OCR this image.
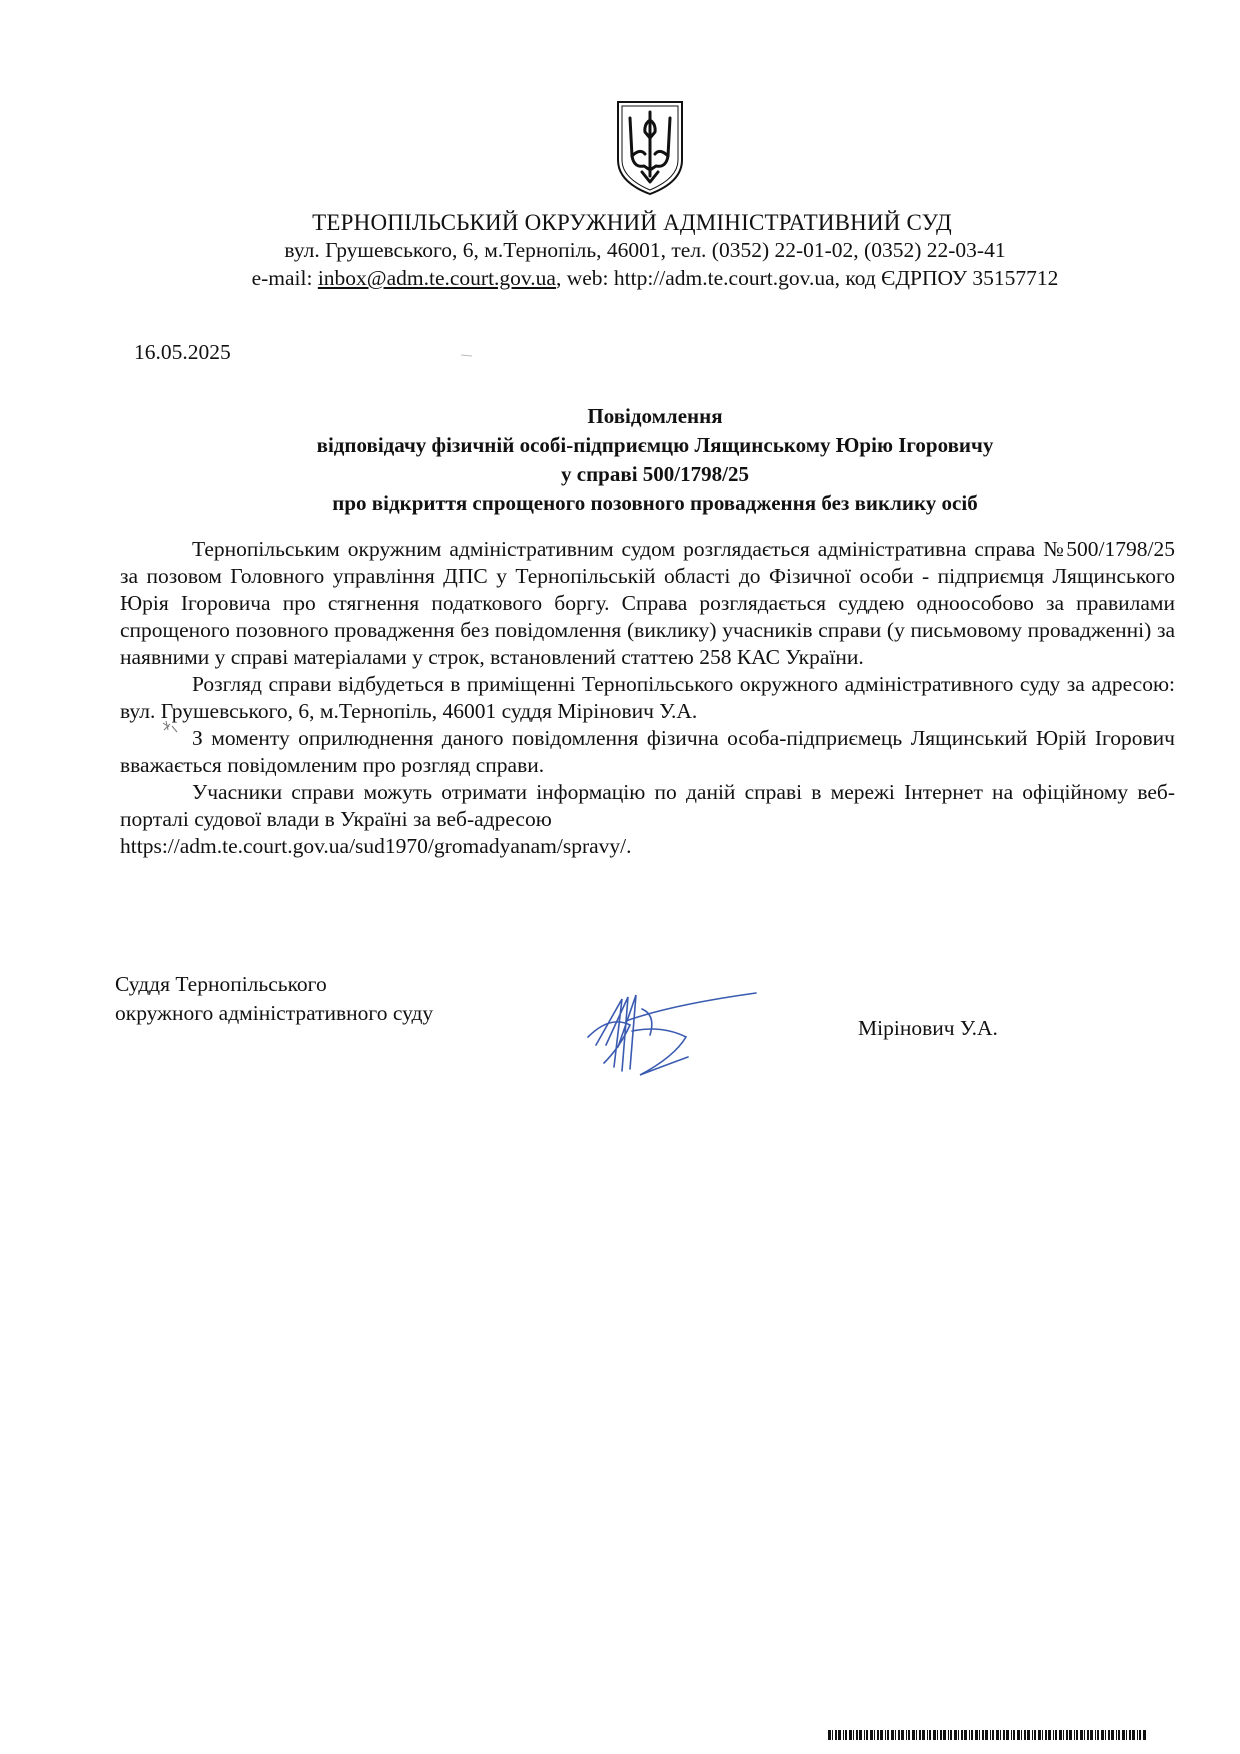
ТЕРНОПІЛЬСЬКИЙ ОКРУЖНИЙ АДМІНІСТРАТИВНИЙ СУД
вул. Грушевського, 6, м.Тернопіль, 46001, тел. (0352) 22-01-02, (0352) 22-03-41
e-mail: inbox@adm.te.court.gov.ua, web: http://adm.te.court.gov.ua, код ЄДРПОУ 35157712
16.05.2025
Повідомлення
відповідачу фізичній особі-підприємцю Лящинському Юрію Ігоровичу
у справі 500/1798/25
про відкриття спрощеного позовного провадження без виклику осіб

Тернопільським окружним адміністративним судом розглядається адміністративна справа №500/1798/25 за позовом Головного управління ДПС у Тернопільській області до Фізичної особи - підприємця Лящинського Юрія Ігоровича про стягнення податкового боргу. Справа розглядається суддею одноособово за правилами спрощеного позовного провадження без повідомлення (виклику) учасників справи (у письмовому провадженні) за наявними у справі матеріалами у строк, встановлений статтею 258 КАС України.

Розгляд справи відбудеться в приміщенні Тернопільського окружного адміністративного суду за адресою: вул. Грушевського, 6, м.Тернопіль, 46001 суддя Мірінович У.А.

З моменту оприлюднення даного повідомлення фізична особа-підприємець Лящинський Юрій Ігорович вважається повідомленим про розгляд справи.

Учасники справи можуть отримати інформацію по даній справі в мережі Інтернет на офіційному веб-порталі судової влади в Україні за веб-адресою

https://adm.te.court.gov.ua/sud1970/gromadyanam/spravy/.

Суддя Тернопільського
окружного адміністративного суду
Мірінович У.А.
